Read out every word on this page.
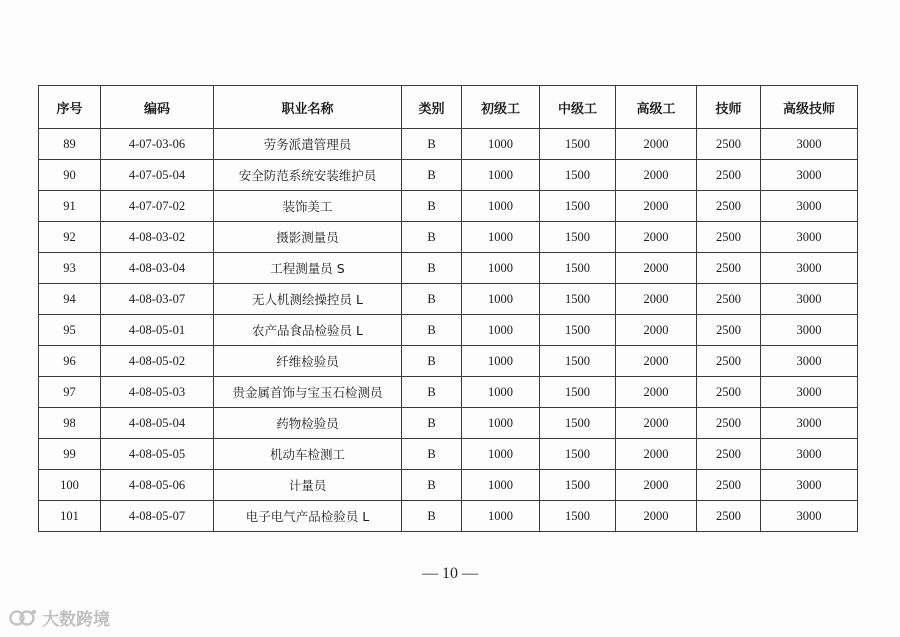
序号	编码	职业名称	类别	初级工	中级工	高级工	技师	高级技师
89	4-07-03-06	劳务派遣管理员	B	1000	1500	2000	2500	3000
90	4-07-05-04	安全防范系统安装维护员	B	1000	1500	2000	2500	3000
91	4-07-07-02	装饰美工	B	1000	1500	2000	2500	3000
92	4-08-03-02	摄影测量员	B	1000	1500	2000	2500	3000
93	4-08-03-04	工程测量员 S	B	1000	1500	2000	2500	3000
94	4-08-03-07	无人机测绘操控员 L	B	1000	1500	2000	2500	3000
95	4-08-05-01	农产品食品检验员 L	B	1000	1500	2000	2500	3000
96	4-08-05-02	纤维检验员	B	1000	1500	2000	2500	3000
97	4-08-05-03	贵金属首饰与宝玉石检测员	B	1000	1500	2000	2500	3000
98	4-08-05-04	药物检验员	B	1000	1500	2000	2500	3000
99	4-08-05-05	机动车检测工	B	1000	1500	2000	2500	3000
100	4-08-05-06	计量员	B	1000	1500	2000	2500	3000
101	4-08-05-07	电子电气产品检验员 L	B	1000	1500	2000	2500	3000
— 10 —
大数跨境
